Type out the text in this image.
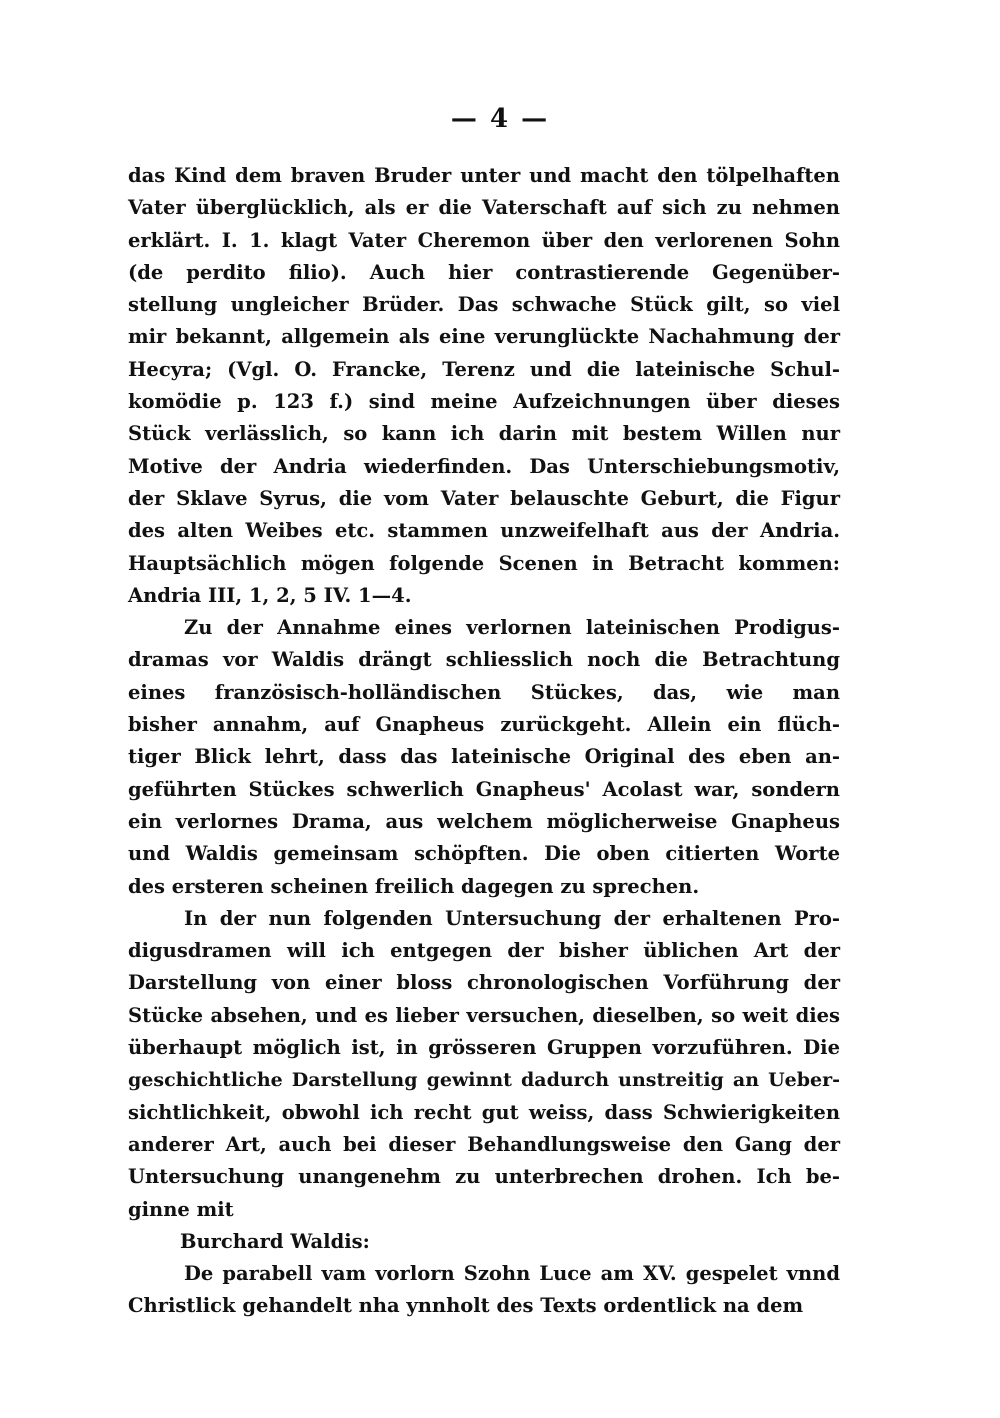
— 4 —
das Kind dem braven Bruder unter und macht den tölpelhaften
Vater überglücklich, als er die Vaterschaft auf sich zu nehmen
erklärt. I. 1. klagt Vater Cheremon über den verlorenen Sohn
(de perdito filio). Auch hier contrastierende Gegenüber-
stellung ungleicher Brüder. Das schwache Stück gilt, so viel
mir bekannt, allgemein als eine verunglückte Nachahmung der
Hecyra; (Vgl. O. Francke, Terenz und die lateinische Schul-
komödie p. 123 f.) sind meine Aufzeichnungen über dieses
Stück verlässlich, so kann ich darin mit bestem Willen nur
Motive der Andria wiederfinden. Das Unterschiebungsmotiv,
der Sklave Syrus, die vom Vater belauschte Geburt, die Figur
des alten Weibes etc. stammen unzweifelhaft aus der Andria.
Hauptsächlich mögen folgende Scenen in Betracht kommen:
Andria III, 1, 2, 5 IV. 1—4.
Zu der Annahme eines verlornen lateinischen Prodigus-
dramas vor Waldis drängt schliesslich noch die Betrachtung
eines französisch-holländischen Stückes, das, wie man
bisher annahm, auf Gnapheus zurückgeht. Allein ein flüch-
tiger Blick lehrt, dass das lateinische Original des eben an-
geführten Stückes schwerlich Gnapheus' Acolast war, sondern
ein verlornes Drama, aus welchem möglicherweise Gnapheus
und Waldis gemeinsam schöpften. Die oben citierten Worte
des ersteren scheinen freilich dagegen zu sprechen.
In der nun folgenden Untersuchung der erhaltenen Pro-
digusdramen will ich entgegen der bisher üblichen Art der
Darstellung von einer bloss chronologischen Vorführung der
Stücke absehen, und es lieber versuchen, dieselben, so weit dies
überhaupt möglich ist, in grösseren Gruppen vorzuführen. Die
geschichtliche Darstellung gewinnt dadurch unstreitig an Ueber-
sichtlichkeit, obwohl ich recht gut weiss, dass Schwierigkeiten
anderer Art, auch bei dieser Behandlungsweise den Gang der
Untersuchung unangenehm zu unterbrechen drohen. Ich be-
ginne mit
Burchard Waldis:
De parabell vam vorlorn Szohn Luce am XV. gespelet vnnd
Christlick gehandelt nha ynnholt des Texts ordentlick na dem
